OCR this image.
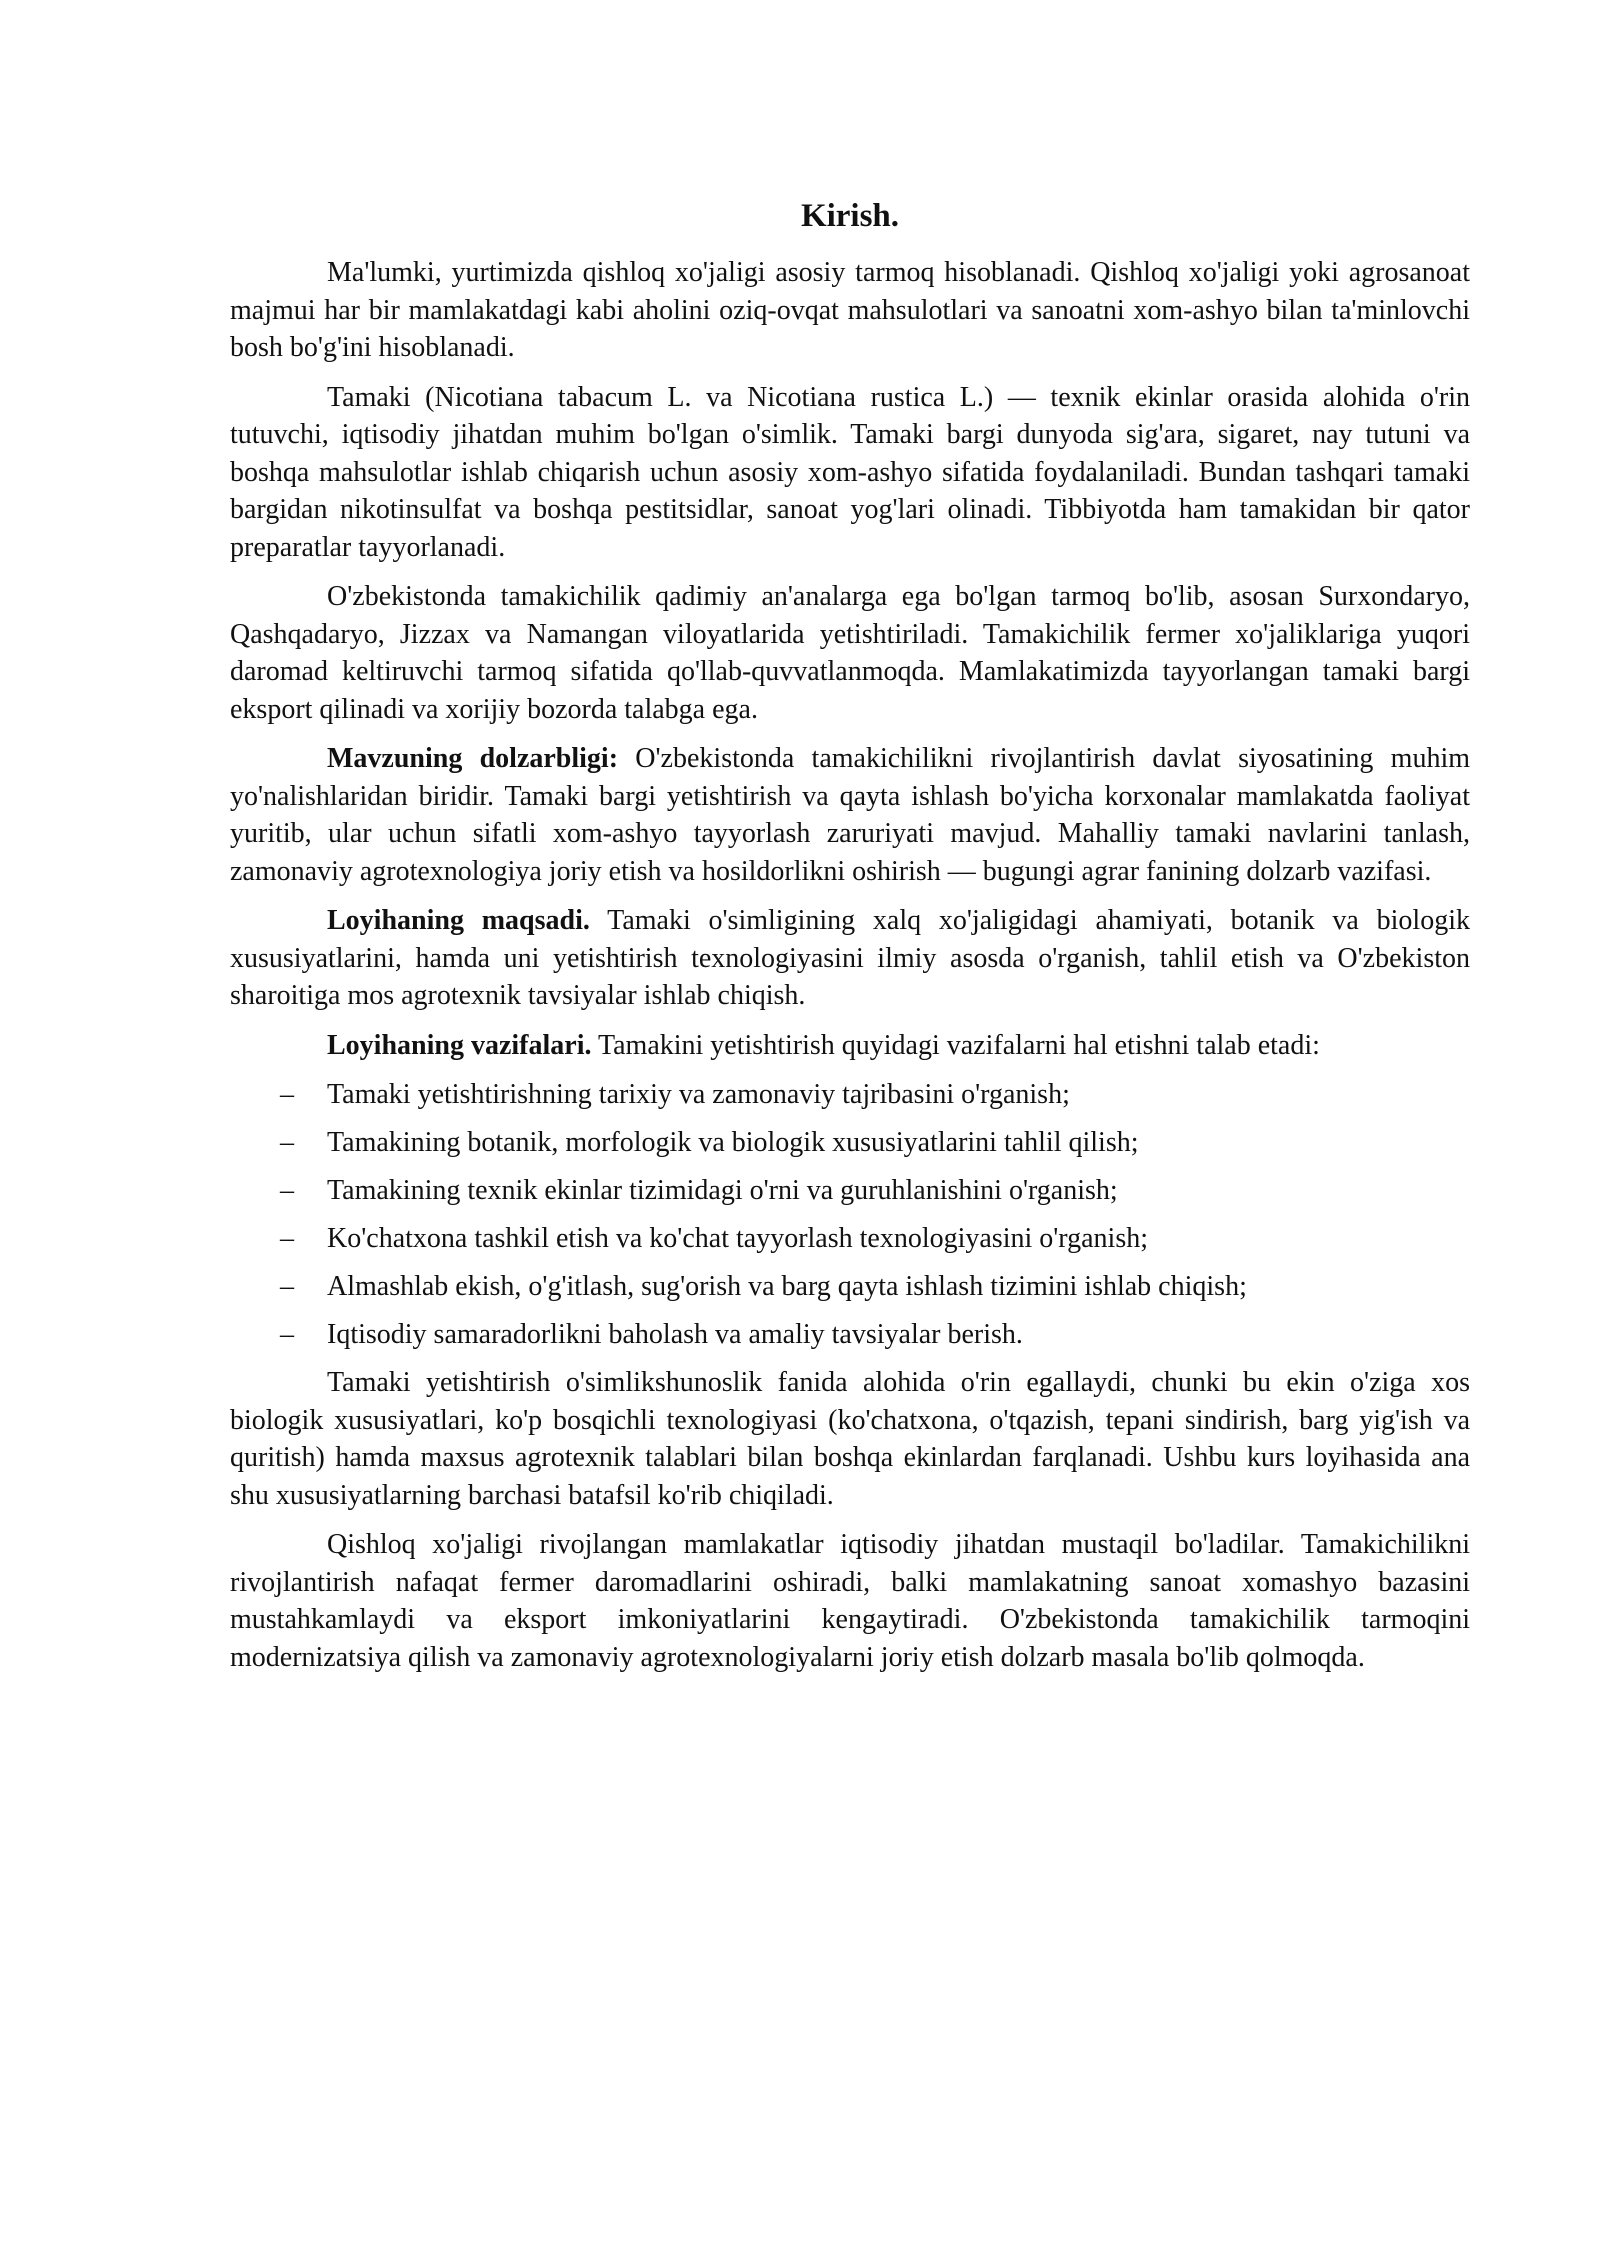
Kirish.

Ma'lumki, yurtimizda qishloq xo'jaligi asosiy tarmoq hisoblanadi. Qishloq xo'jaligi yoki agrosanoat majmui har bir mamlakatdagi kabi aholini oziq-ovqat mahsulotlari va sanoatni xom-ashyo bilan ta'minlovchi bosh bo'g'ini hisoblanadi.

Tamaki (Nicotiana tabacum L. va Nicotiana rustica L.) — texnik ekinlar orasida alohida o'rin tutuvchi, iqtisodiy jihatdan muhim bo'lgan o'simlik. Tamaki bargi dunyoda sig'ara, sigaret, nay tutuni va boshqa mahsulotlar ishlab chiqarish uchun asosiy xom-ashyo sifatida foydalaniladi. Bundan tashqari tamaki bargidan nikotinsulfat va boshqa pestitsidlar, sanoat yog'lari olinadi. Tibbiyotda ham tamakidan bir qator preparatlar tayyorlanadi.

O'zbekistonda tamakichilik qadimiy an'analarga ega bo'lgan tarmoq bo'lib, asosan Surxondaryo, Qashqadaryo, Jizzax va Namangan viloyatlarida yetishtiriladi. Tamakichilik fermer xo'jaliklariga yuqori daromad keltiruvchi tarmoq sifatida qo'llab-quvvatlanmoqda. Mamlakatimizda tayyorlangan tamaki bargi eksport qilinadi va xorijiy bozorda talabga ega.

Mavzuning dolzarbligi: O'zbekistonda tamakichilikni rivojlantirish davlat siyosatining muhim yo'nalishlaridan biridir. Tamaki bargi yetishtirish va qayta ishlash bo'yicha korxonalar mamlakatda faoliyat yuritib, ular uchun sifatli xom-ashyo tayyorlash zaruriyati mavjud. Mahalliy tamaki navlarini tanlash, zamonaviy agrotexnologiya joriy etish va hosildorlikni oshirish — bugungi agrar fanining dolzarb vazifasi.

Loyihaning maqsadi. Tamaki o'simligining xalq xo'jaligidagi ahamiyati, botanik va biologik xususiyatlarini, hamda uni yetishtirish texnologiyasini ilmiy asosda o'rganish, tahlil etish va O'zbekiston sharoitiga mos agrotexnik tavsiyalar ishlab chiqish.

Loyihaning vazifalari. Tamakini yetishtirish quyidagi vazifalarni hal etishni talab etadi:

– Tamaki yetishtirishning tarixiy va zamonaviy tajribasini o'rganish;
– Tamakining botanik, morfologik va biologik xususiyatlarini tahlil qilish;
– Tamakining texnik ekinlar tizimidagi o'rni va guruhlanishini o'rganish;
– Ko'chatxona tashkil etish va ko'chat tayyorlash texnologiyasini o'rganish;
– Almashlab ekish, o'g'itlash, sug'orish va barg qayta ishlash tizimini ishlab chiqish;
– Iqtisodiy samaradorlikni baholash va amaliy tavsiyalar berish.

Tamaki yetishtirish o'simlikshunoslik fanida alohida o'rin egallaydi, chunki bu ekin o'ziga xos biologik xususiyatlari, ko'p bosqichli texnologiyasi (ko'chatxona, o'tqazish, tepani sindirish, barg yig'ish va quritish) hamda maxsus agrotexnik talablari bilan boshqa ekinlardan farqlanadi. Ushbu kurs loyihasida ana shu xususiyatlarning barchasi batafsil ko'rib chiqiladi.

Qishloq xo'jaligi rivojlangan mamlakatlar iqtisodiy jihatdan mustaqil bo'ladilar. Tamakichilikni rivojlantirish nafaqat fermer daromadlarini oshiradi, balki mamlakatning sanoat xomashyo bazasini mustahkamlaydi va eksport imkoniyatlarini kengaytiradi. O'zbekistonda tamakichilik tarmoqini modernizatsiya qilish va zamonaviy agrotexnologiyalarni joriy etish dolzarb masala bo'lib qolmoqda.
